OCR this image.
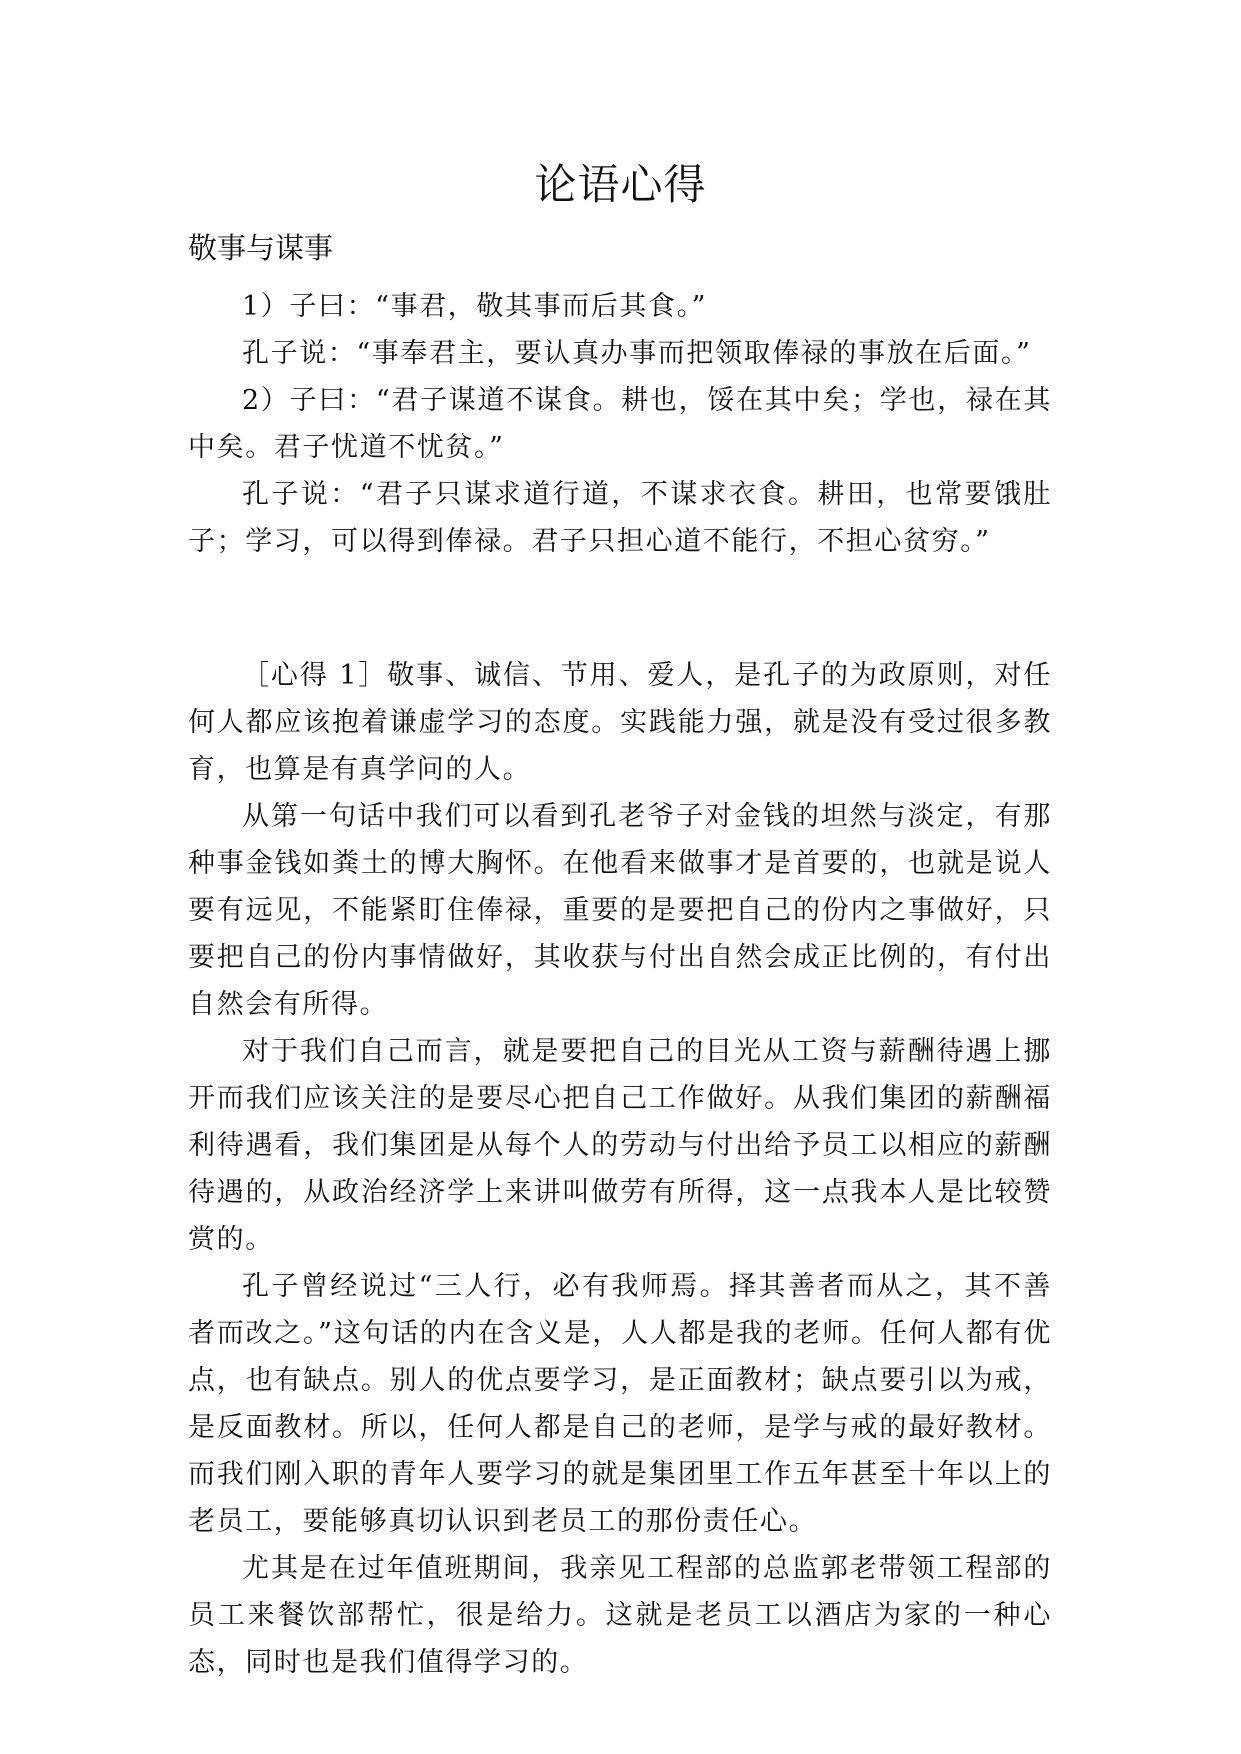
论语心得
敬事与谋事

1）子曰：“事君，敬其事而后其食。”

孔子说：“事奉君主，要认真办事而把领取俸禄的事放在后面。”

2）子曰：“君子谋道不谋食。耕也，馁在其中矣；学也，禄在其中矣。君子忧道不忧贫。”

孔子说：“君子只谋求道行道，不谋求衣食。耕田，也常要饿肚子；学习，可以得到俸禄。君子只担心道不能行，不担心贫穷。”

［心得 1］敬事、诚信、节用、爱人，是孔子的为政原则，对任何人都应该抱着谦虚学习的态度。实践能力强，就是没有受过很多教育，也算是有真学问的人。

从第一句话中我们可以看到孔老爷子对金钱的坦然与淡定，有那种事金钱如粪土的博大胸怀。在他看来做事才是首要的，也就是说人要有远见，不能紧盯住俸禄，重要的是要把自己的份内之事做好，只要把自己的份内事情做好，其收获与付出自然会成正比例的，有付出自然会有所得。

对于我们自己而言，就是要把自己的目光从工资与薪酬待遇上挪开而我们应该关注的是要尽心把自己工作做好。从我们集团的薪酬福利待遇看，我们集团是从每个人的劳动与付出给予员工以相应的薪酬待遇的，从政治经济学上来讲叫做劳有所得，这一点我本人是比较赞赏的。

孔子曾经说过“三人行，必有我师焉。择其善者而从之，其不善者而改之。”这句话的内在含义是，人人都是我的老师。任何人都有优点，也有缺点。别人的优点要学习，是正面教材；缺点要引以为戒，是反面教材。所以，任何人都是自己的老师，是学与戒的最好教材。而我们刚入职的青年人要学习的就是集团里工作五年甚至十年以上的老员工，要能够真切认识到老员工的那份责任心。

尤其是在过年值班期间，我亲见工程部的总监郭老带领工程部的员工来餐饮部帮忙，很是给力。这就是老员工以酒店为家的一种心态，同时也是我们值得学习的。
